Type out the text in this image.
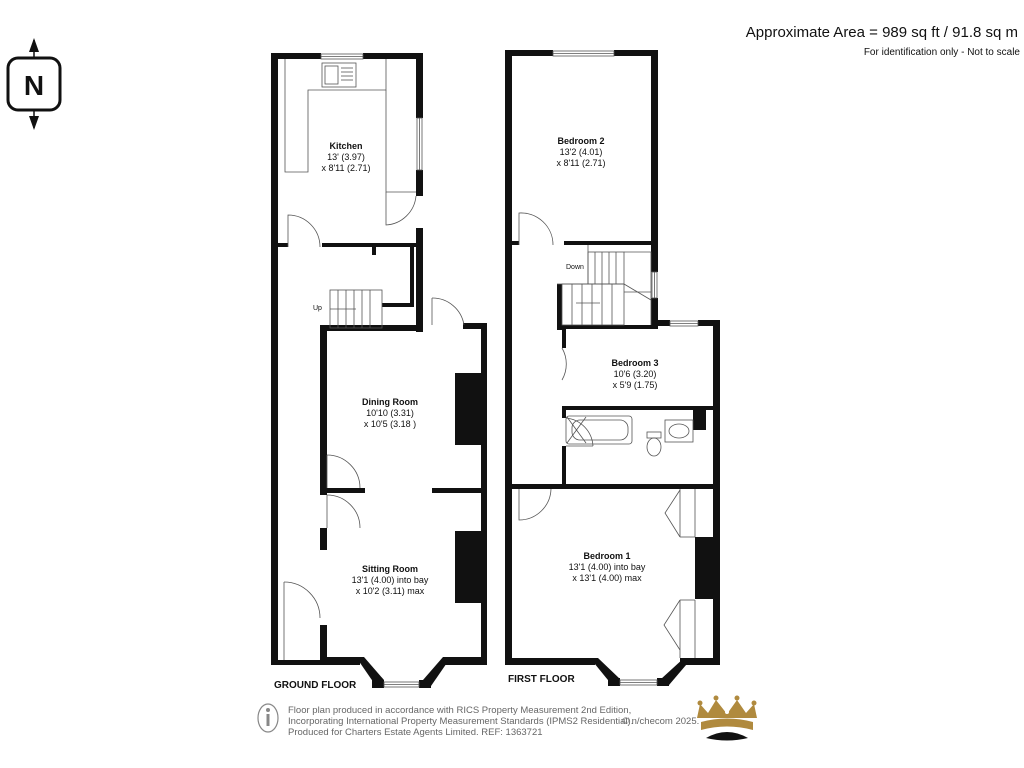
Approximate Area = 989 sq ft / 91.8 sq m
For identification only - Not to scale
N
GROUND FLOOR
FIRST FLOOR
Up
Down
Kitchen
13' (3.97)
x 8'11 (2.71)
Dining Room
10'10 (3.31)
x 10'5 (3.18 )
Sitting Room
13'1 (4.00) into bay
x 10'2 (3.11) max
Bedroom 2
13'2 (4.01)
x 8'11 (2.71)
Bedroom 3
10'6 (3.20)
x 5'9 (1.75)
Bedroom 1
13'1 (4.00) into bay
x 13'1 (4.00) max
Floor plan produced in accordance with RICS Property Measurement 2nd Edition,
Incorporating International Property Measurement Standards (IPMS2 Residential).
Produced for Charters Estate Agents Limited. REF: 1363721
© n/checom 2025.
